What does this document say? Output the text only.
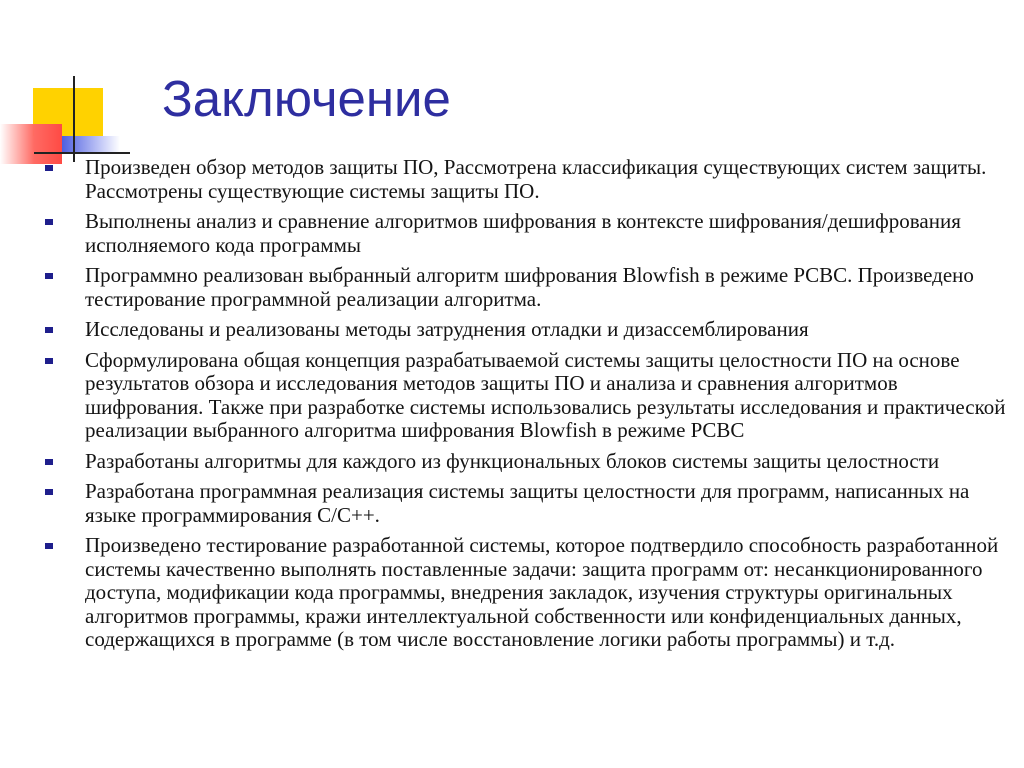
Заключение
Произведен обзор методов защиты ПО, Рассмотрена классификация существующих систем защиты. Рассмотрены существующие системы защиты ПО.
Выполнены анализ и сравнение алгоритмов шифрования в контексте шифрования/дешифрования исполняемого кода программы
Программно реализован выбранный алгоритм шифрования Blowfish в режиме PCBC. Произведено тестирование программной реализации алгоритма.
Исследованы и реализованы методы затруднения отладки и дизассемблирования
Сформулирована общая концепция разрабатываемой системы защиты целостности ПО на основе результатов обзора и исследования методов защиты ПО и анализа и сравнения алгоритмов шифрования. Также при разработке системы использовались результаты исследования и практической реализации выбранного алгоритма шифрования Blowfish в режиме PCBC
Разработаны алгоритмы для каждого из функциональных блоков системы защиты целостности
Разработана программная реализация системы защиты целостности для программ, написанных на языке программирования C/C++.
Произведено тестирование разработанной системы, которое подтвердило способность разработанной системы качественно выполнять поставленные задачи: защита программ от: несанкционированного доступа, модификации кода программы, внедрения закладок, изучения структуры оригинальных алгоритмов программы, кражи интеллектуальной собственности или конфиденциальных данных, содержащихся в программе (в том числе восстановление логики работы программы) и т.д.
